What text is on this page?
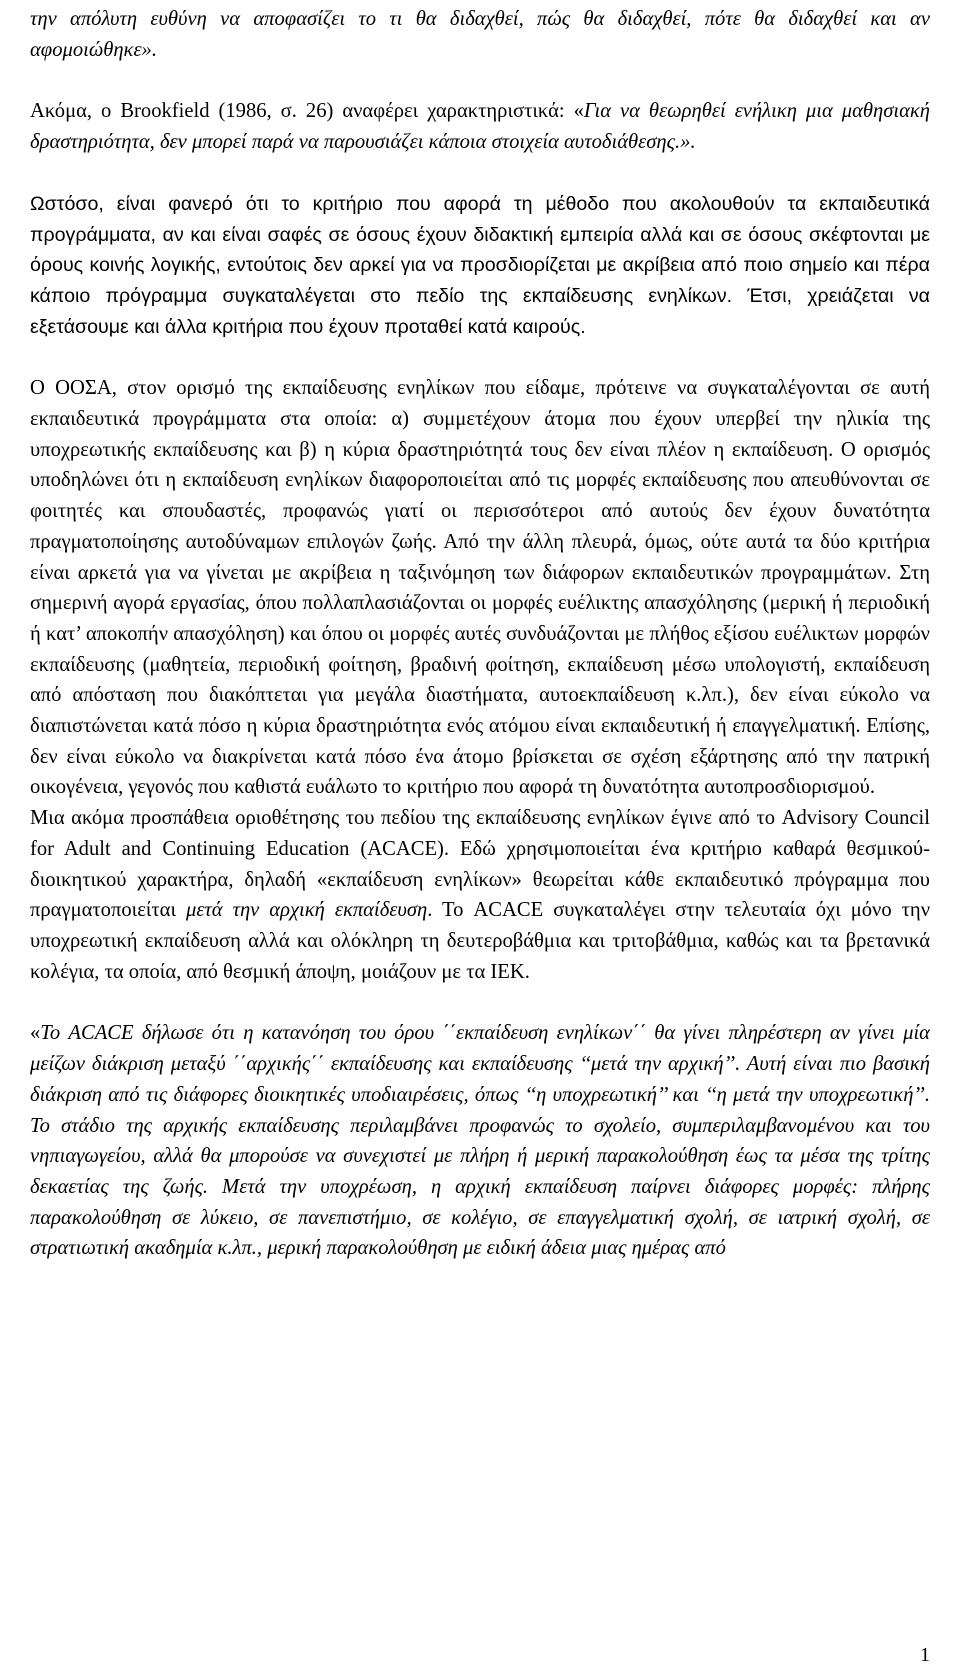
την απόλυτη ευθύνη να αποφασίζει το τι θα διδαχθεί, πώς θα διδαχθεί, πότε θα διδαχθεί και αν αφομοιώθηκε».

Ακόμα, ο Brookfield (1986, σ. 26) αναφέρει χαρακτηριστικά: «Για να θεωρηθεί ενήλικη μια μαθησιακή δραστηριότητα, δεν μπορεί παρά να παρουσιάζει κάποια στοιχεία αυτοδιάθεσης.».

Ωστόσο, είναι φανερό ότι το κριτήριο που αφορά τη μέθοδο που ακολουθούν τα εκπαιδευτικά προγράμματα, αν και είναι σαφές σε όσους έχουν διδακτική εμπειρία αλλά και σε όσους σκέφτονται με όρους κοινής λογικής, εντούτοις δεν αρκεί για να προσδιορίζεται με ακρίβεια από ποιο σημείο και πέρα κάποιο πρόγραμμα συγκαταλέγεται στο πεδίο της εκπαίδευσης ενηλίκων. Έτσι, χρειάζεται να εξετάσουμε και άλλα κριτήρια που έχουν προταθεί κατά καιρούς.

Ο ΟΟΣΑ, στον ορισμό της εκπαίδευσης ενηλίκων που είδαμε, πρότεινε να συγκαταλέγονται σε αυτή εκπαιδευτικά προγράμματα στα οποία: α) συμμετέχουν άτομα που έχουν υπερβεί την ηλικία της υποχρεωτικής εκπαίδευσης και β) η κύρια δραστηριότητά τους δεν είναι πλέον η εκπαίδευση. Ο ορισμός υποδηλώνει ότι η εκπαίδευση ενηλίκων διαφοροποιείται από τις μορφές εκπαίδευσης που απευθύνονται σε φοιτητές και σπουδαστές, προφανώς γιατί οι περισσότεροι από αυτούς δεν έχουν δυνατότητα πραγματοποίησης αυτοδύναμων επιλογών ζωής. Από την άλλη πλευρά, όμως, ούτε αυτά τα δύο κριτήρια είναι αρκετά για να γίνεται με ακρίβεια η ταξινόμηση των διάφορων εκπαιδευτικών προγραμμάτων. Στη σημερινή αγορά εργασίας, όπου πολλαπλασιάζονται οι μορφές ευέλικτης απασχόλησης (μερική ή περιοδική ή κατ’ αποκοπήν απασχόληση) και όπου οι μορφές αυτές συνδυάζονται με πλήθος εξίσου ευέλικτων μορφών εκπαίδευσης (μαθητεία, περιοδική φοίτηση, βραδινή φοίτηση, εκπαίδευση μέσω υπολογιστή, εκπαίδευση από απόσταση που διακόπτεται για μεγάλα διαστήματα, αυτοεκπαίδευση κ.λπ.), δεν είναι εύκολο να διαπιστώνεται κατά πόσο η κύρια δραστηριότητα ενός ατόμου είναι εκπαιδευτική ή επαγγελματική. Επίσης, δεν είναι εύκολο να διακρίνεται κατά πόσο ένα άτομο βρίσκεται σε σχέση εξάρτησης από την πατρική οικογένεια, γεγονός που καθιστά ευάλωτο το κριτήριο που αφορά τη δυνατότητα αυτοπροσδιορισμού.

Μια ακόμα προσπάθεια οριοθέτησης του πεδίου της εκπαίδευσης ενηλίκων έγινε από το Advisory Council for Adult and Continuing Education (ACACE). Εδώ χρησιμοποιείται ένα κριτήριο καθαρά θεσμικού-διοικητικού χαρακτήρα, δηλαδή «εκπαίδευση ενηλίκων» θεωρείται κάθε εκπαιδευτικό πρόγραμμα που πραγματοποιείται μετά την αρχική εκπαίδευση. Το ACACE συγκαταλέγει στην τελευταία όχι μόνο την υποχρεωτική εκπαίδευση αλλά και ολόκληρη τη δευτεροβάθμια και τριτοβάθμια, καθώς και τα βρετανικά κολέγια, τα οποία, από θεσμική άποψη, μοιάζουν με τα ΙΕΚ.

«Το ACACE δήλωσε ότι η κατανόηση του όρου ΄΄εκπαίδευση ενηλίκων΄΄ θα γίνει πληρέστερη αν γίνει μία μείζων διάκριση μεταξύ ΄΄αρχικής΄΄ εκπαίδευσης και εκπαίδευσης ‘‘μετά την αρχική’’. Αυτή είναι πιο βασική διάκριση από τις διάφορες διοικητικές υποδιαιρέσεις, όπως ‘‘η υποχρεωτική’’ και ‘‘η μετά την υποχρεωτική’’. Το στάδιο της αρχικής εκπαίδευσης περιλαμβάνει προφανώς το σχολείο, συμπεριλαμβανομένου και του νηπιαγωγείου, αλλά θα μπορούσε να συνεχιστεί με πλήρη ή μερική παρακολούθηση έως τα μέσα της τρίτης δεκαετίας της ζωής. Μετά την υποχρέωση, η αρχική εκπαίδευση παίρνει διάφορες μορφές: πλήρης παρακολούθηση σε λύκειο, σε πανεπιστήμιο, σε κολέγιο, σε επαγγελματική σχολή, σε ιατρική σχολή, σε στρατιωτική ακαδημία κ.λπ., μερική παρακολούθηση με ειδική άδεια μιας ημέρας από

1
